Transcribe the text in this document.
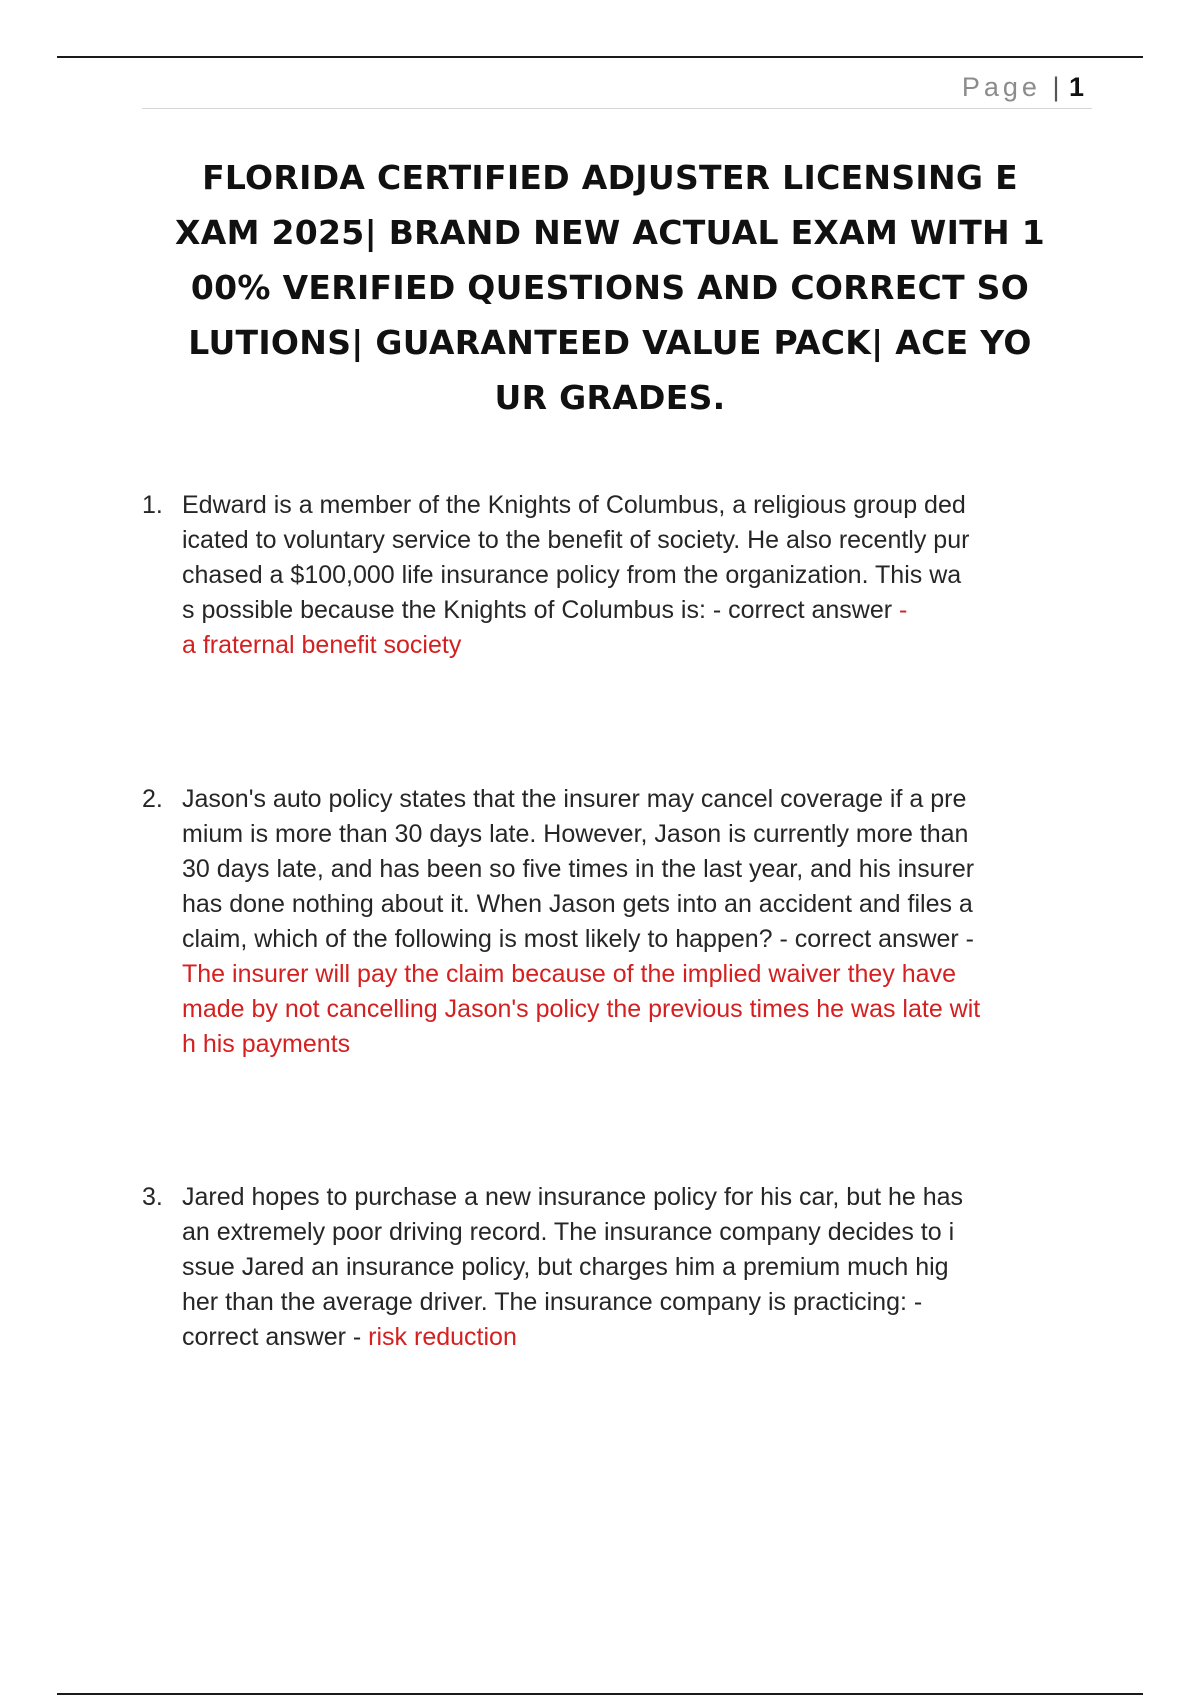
Page | 1
FLORIDA CERTIFIED ADJUSTER LICENSING E
XAM 2025| BRAND NEW ACTUAL EXAM WITH 1
00% VERIFIED QUESTIONS AND CORRECT SO
LUTIONS| GUARANTEED VALUE PACK| ACE YO
UR GRADES.
1. Edward is a member of the Knights of Columbus, a religious group ded
icated to voluntary service to the benefit of society. He also recently pur
chased a $100,000 life insurance policy from the organization. This wa
s possible because the Knights of Columbus is: - correct answer -
a fraternal benefit society
2. Jason's auto policy states that the insurer may cancel coverage if a pre
mium is more than 30 days late. However, Jason is currently more than
30 days late, and has been so five times in the last year, and his insurer
has done nothing about it. When Jason gets into an accident and files a
claim, which of the following is most likely to happen? - correct answer -
The insurer will pay the claim because of the implied waiver they have
made by not cancelling Jason's policy the previous times he was late wit
h his payments
3. Jared hopes to purchase a new insurance policy for his car, but he has
an extremely poor driving record. The insurance company decides to i
ssue Jared an insurance policy, but charges him a premium much hig
her than the average driver. The insurance company is practicing: -
correct answer - risk reduction
